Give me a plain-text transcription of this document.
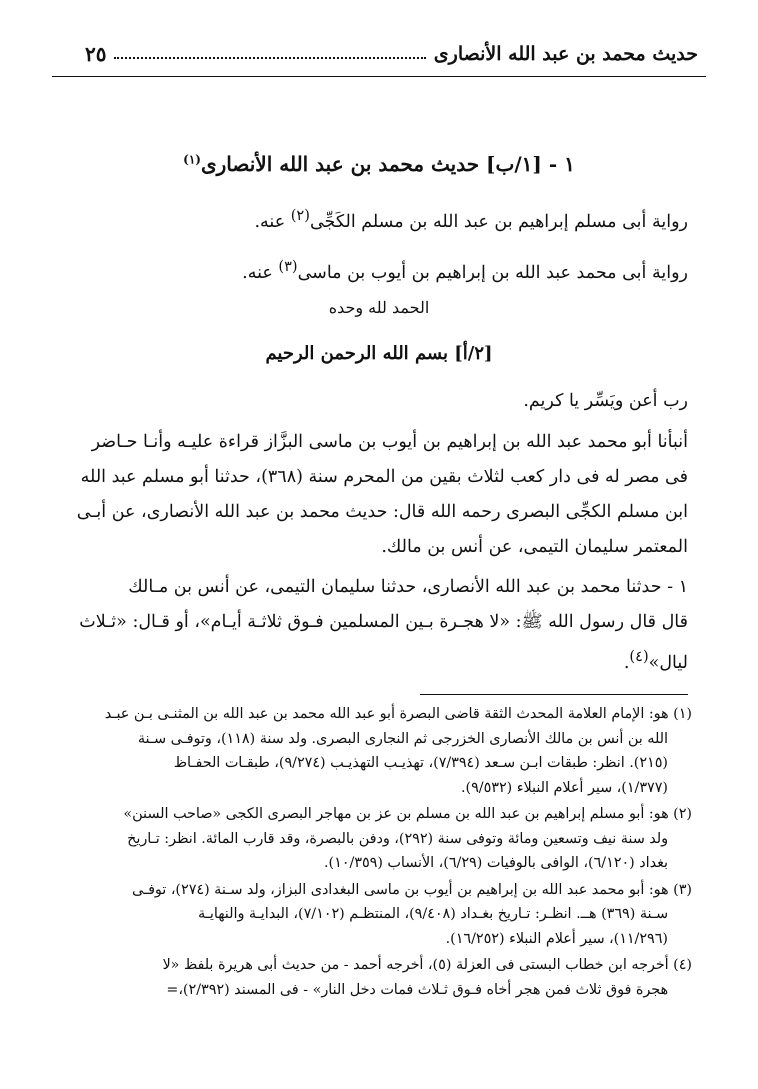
حديث محمد بن عبد الله الأنصارى
٢٥
١ - [١/ب] حديث محمد بن عبد الله الأنصارى$^{(١)}$
رواية أبى مسلم إبراهيم بن عبد الله بن مسلم الكَجِّى$^{(٢)}$ عنه.
رواية أبى محمد عبد الله بن إبراهيم بن أيوب بن ماسى$^{(٣)}$ عنه.
الحمد لله وحده
[٢/أ] بسم الله الرحمن الرحيم
رب أعن ويَسِّر يا كريم.
أنبأنا أبو محمد عبد الله بن إبراهيم بن أيوب بن ماسى البزَّاز قراءة عليـه وأنـا حـاضر
فى مصر له فى دار كعب لثلاث بقين من المحرم سنة (٣٦٨)، حدثنا أبو مسلم عبد الله
ابن مسلم الكجِّى البصرى رحمه الله قال: حديث محمد بن عبد الله الأنصارى، عن أبـى
المعتمر سليمان التيمى، عن أنس بن مالك.
١ - حدثنا محمد بن عبد الله الأنصارى، حدثنا سليمان التيمى، عن أنس بن مـالك
قال قال رسول الله ﷺ: «لا هجـرة بـين المسلمين فـوق ثلاثـة أيـام»، أو قـال: «ثـلاث
ليال»$^{(٤)}$.
(١) هو: الإمام العلامة المحدث الثقة قاضى البصرة أبو عبد الله محمد بن عبد الله بن المثنـى بـن عبـد
الله بن أنس بن مالك الأنصارى الخزرجى ثم النجارى البصرى. ولد سنة (١١٨)، وتوفـى سـنة
(٢١٥). انظر: طبقات ابـن سـعد (٧/٣٩٤)، تهذيـب التهذيـب (٩/٢٧٤)، طبقـات الحفـاظ
(١/٣٧٧)، سير أعلام النبلاء (٩/٥٣٢).
(٢) هو: أبو مسلم إبراهيم بن عبد الله بن مسلم بن عز بن مهاجر البصرى الكجى «صاحب السنن»
ولد سنة نيف وتسعين ومائة وتوفى سنة (٢٩٢)، ودفن بالبصرة، وقد قارب المائة. انظر: تـاريخ
بغداد (٦/١٢٠)، الوافى بالوفيات (٦/٢٩)، الأنساب (١٠/٣٥٩).
(٣) هو: أبو محمد عبد الله بن إبراهيم بن أيوب بن ماسى البغدادى البزاز، ولد سـنة (٢٧٤)، توفـى
سـنة (٣٦٩) هــ. انظـر: تـاريخ بغـداد (٩/٤٠٨)، المنتظـم (٧/١٠٢)، البدايـة والنهايـة
(١١/٢٩٦)، سير أعلام النبلاء (١٦/٢٥٢).
(٤) أخرجه ابن خطاب البستى فى العزلة (٥)، أخرجه أحمد - من حديث أبى هريرة بلفظ «لا
هجرة فوق ثلاث فمن هجر أخاه فـوق ثـلاث فمات دخل النار» - فى المسند (٢/٣٩٢)،=
